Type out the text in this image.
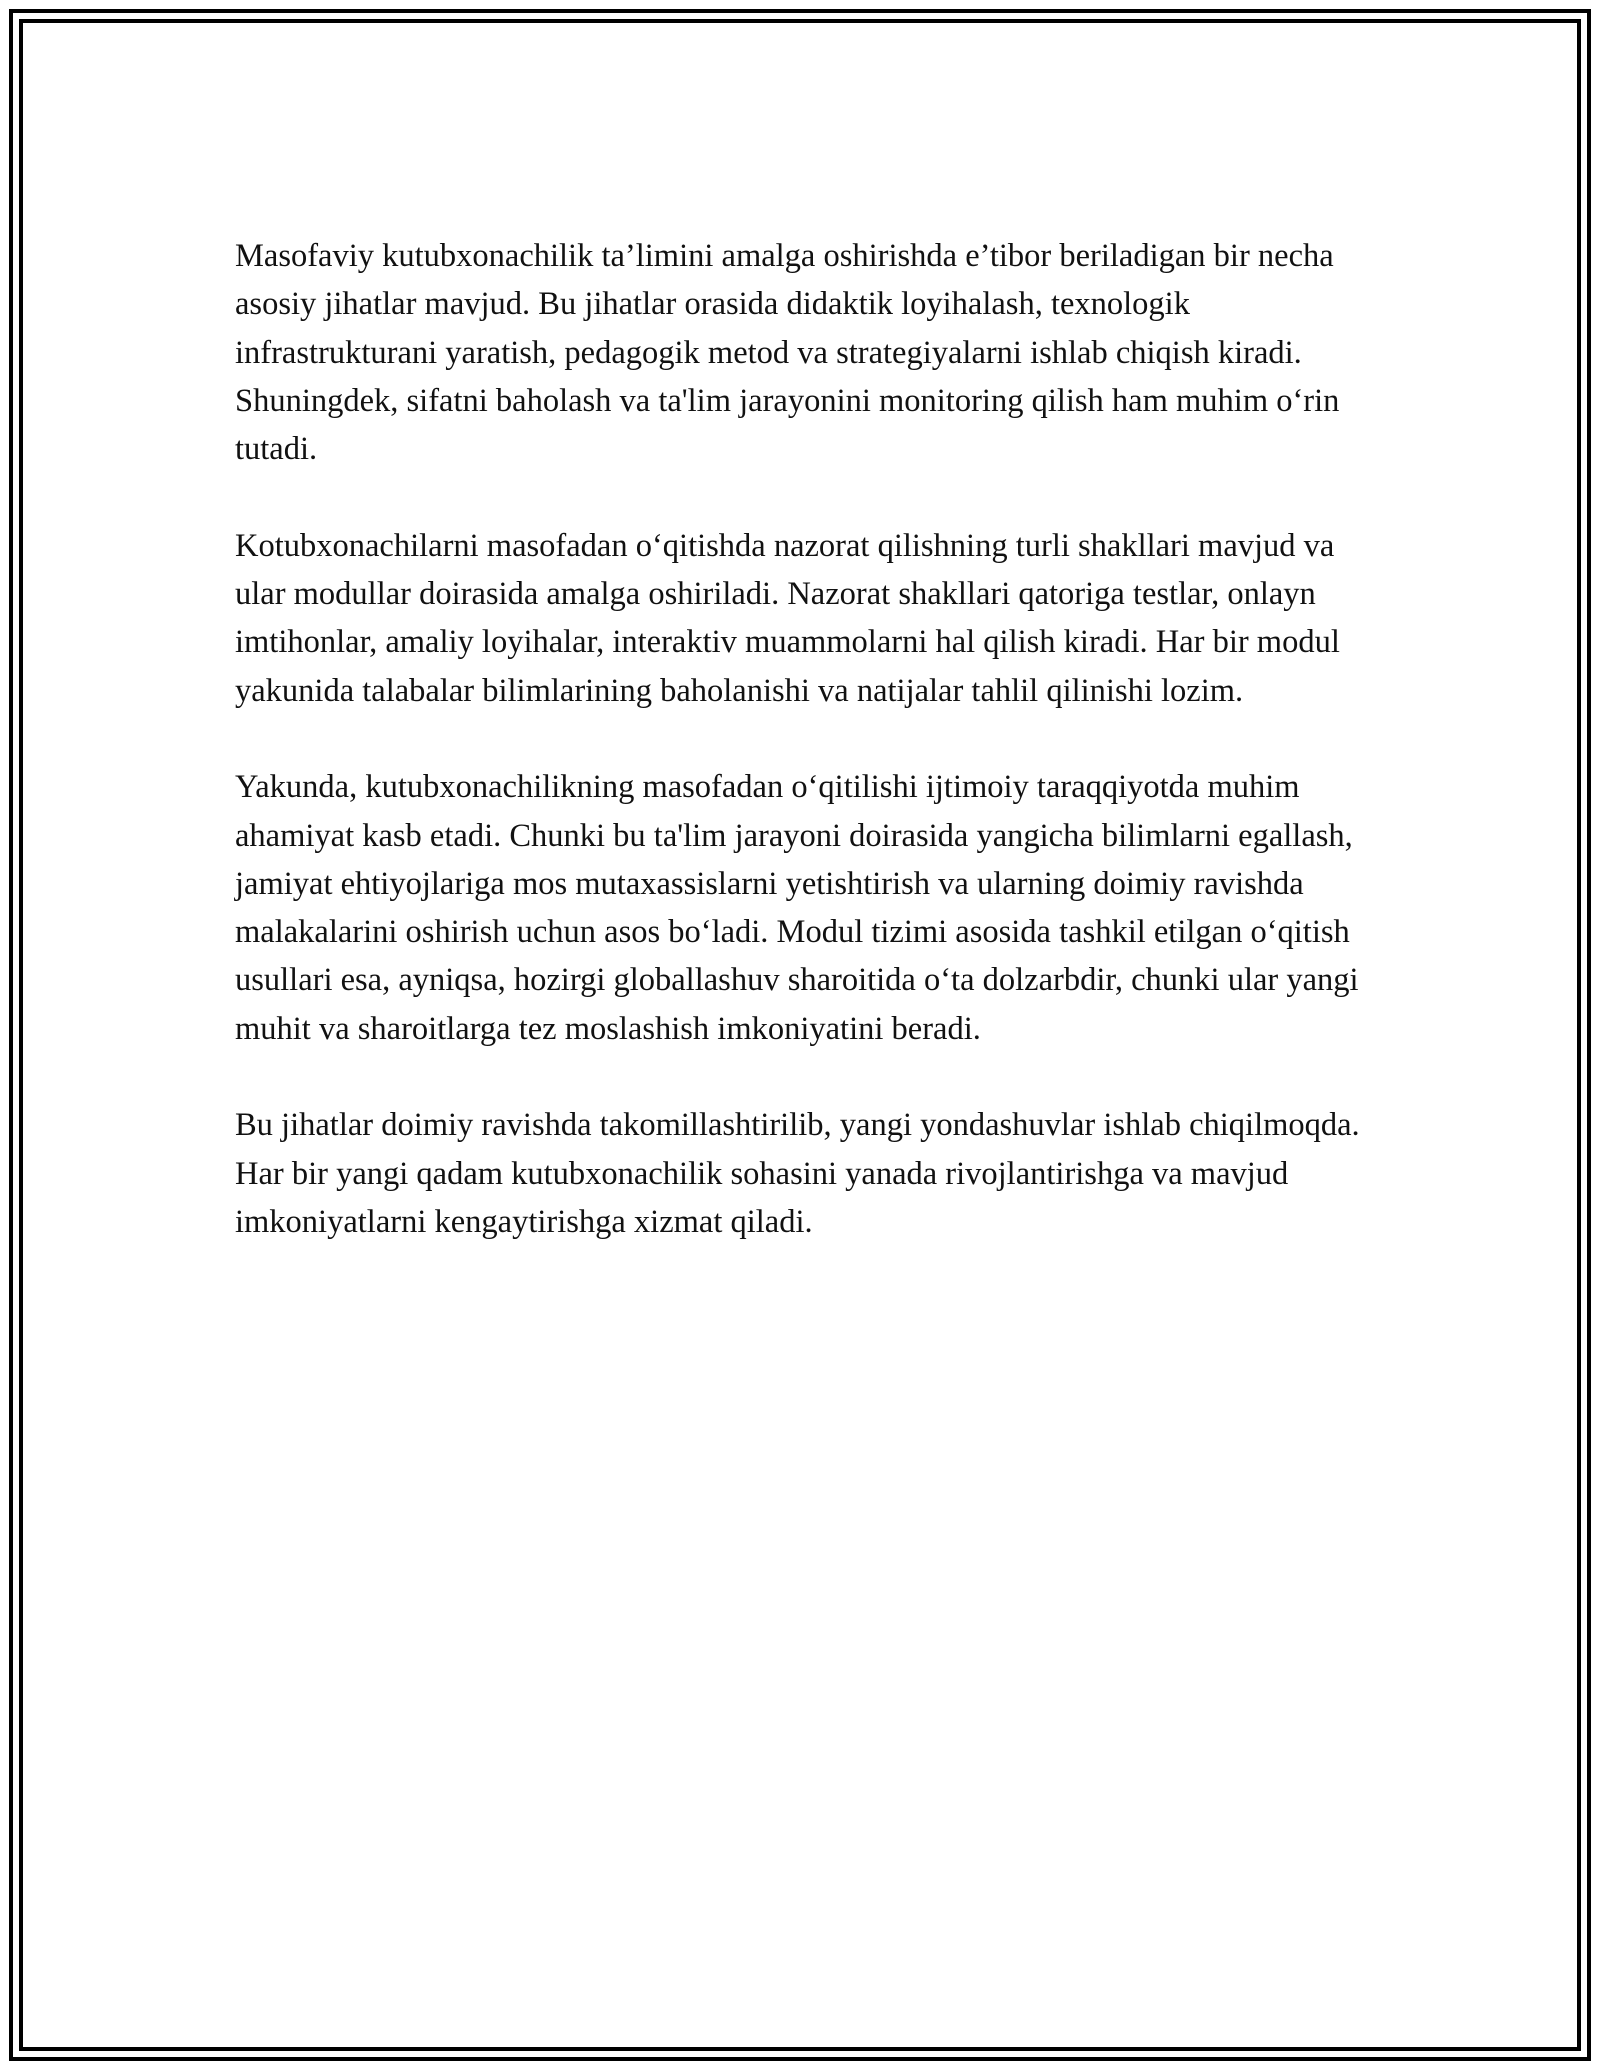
Masofaviy kutubxonachilik ta’limini amalga oshirishda e’tibor beriladigan bir necha asosiy jihatlar mavjud. Bu jihatlar orasida didaktik loyihalash, texnologik infrastrukturani yaratish, pedagogik metod va strategiyalarni ishlab chiqish kiradi. Shuningdek, sifatni baholash va ta'lim jarayonini monitoring qilish ham muhim o‘rin tutadi.

Kotubxonachilarni masofadan o‘qitishda nazorat qilishning turli shakllari mavjud va ular modullar doirasida amalga oshiriladi. Nazorat shakllari qatoriga testlar, onlayn imtihonlar, amaliy loyihalar, interaktiv muammolarni hal qilish kiradi. Har bir modul yakunida talabalar bilimlarining baholanishi va natijalar tahlil qilinishi lozim.

Yakunda, kutubxonachilikning masofadan o‘qitilishi ijtimoiy taraqqiyotda muhim ahamiyat kasb etadi. Chunki bu ta'lim jarayoni doirasida yangicha bilimlarni egallash, jamiyat ehtiyojlariga mos mutaxassislarni yetishtirish va ularning doimiy ravishda malakalarini oshirish uchun asos bo‘ladi. Modul tizimi asosida tashkil etilgan o‘qitish usullari esa, ayniqsa, hozirgi globallashuv sharoitida o‘ta dolzarbdir, chunki ular yangi muhit va sharoitlarga tez moslashish imkoniyatini beradi.

Bu jihatlar doimiy ravishda takomillashtirilib, yangi yondashuvlar ishlab chiqilmoqda. Har bir yangi qadam kutubxonachilik sohasini yanada rivojlantirishga va mavjud imkoniyatlarni kengaytirishga xizmat qiladi.
